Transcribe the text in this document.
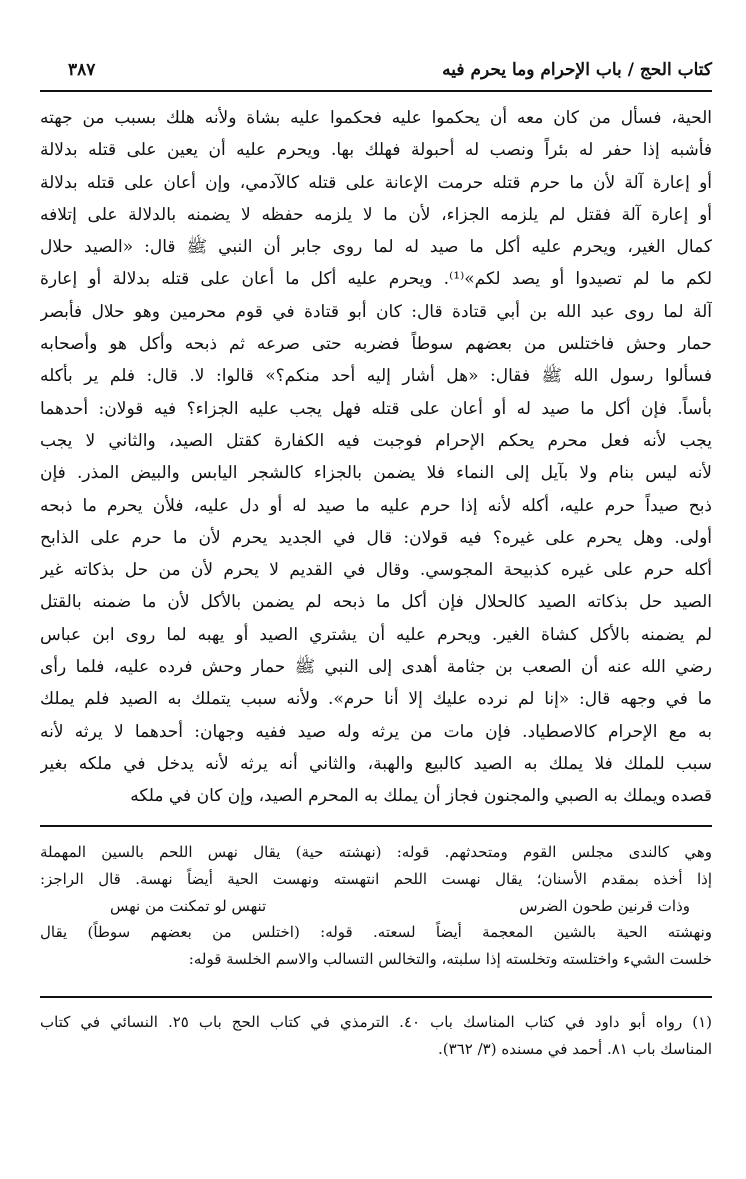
كتاب الحج / باب الإحرام وما يحرم فيه
٣٨٧
الحية، فسأل من كان معه أن يحكموا عليه فحكموا عليه بشاة ولأنه هلك بسبب من جهته
فأشبه إذا حفر له بئراً ونصب له أحبولة فهلك بها. ويحرم عليه أن يعين على قتله بدلالة
أو إعارة آلة لأن ما حرم قتله حرمت الإعانة على قتله كالآدمي، وإن أعان على قتله بدلالة
أو إعارة آلة فقتل لم يلزمه الجزاء، لأن ما لا يلزمه حفظه لا يضمنه بالدلالة على إتلافه
كمال الغير، ويحرم عليه أكل ما صيد له لما روى جابر أن النبي ﷺ قال: «الصيد حلال
لكم ما لم تصيدوا أو يصد لكم»⁽¹⁾. ويحرم عليه أكل ما أعان على قتله بدلالة أو إعارة
آلة لما روى عبد الله بن أبي قتادة قال: كان أبو قتادة في قوم محرمين وهو حلال فأبصر
حمار وحش فاختلس من بعضهم سوطاً فضربه حتى صرعه ثم ذبحه وأكل هو وأصحابه
فسألوا رسول الله ﷺ فقال: «هل أشار إليه أحد منكم؟» قالوا: لا. قال: فلم ير بأكله
بأساً. فإن أكل ما صيد له أو أعان على قتله فهل يجب عليه الجزاء؟ فيه قولان: أحدهما
يجب لأنه فعل محرم يحكم الإحرام فوجبت فيه الكفارة كقتل الصيد، والثاني لا يجب
لأنه ليس بنام ولا بآيل إلى النماء فلا يضمن بالجزاء كالشجر اليابس والبيض المذر. فإن
ذبح صيداً حرم عليه، أكله لأنه إذا حرم عليه ما صيد له أو دل عليه، فلأن يحرم ما ذبحه
أولى. وهل يحرم على غيره؟ فيه قولان: قال في الجديد يحرم لأن ما حرم على الذابح
أكله حرم على غيره كذبيحة المجوسي. وقال في القديم لا يحرم لأن من حل بذكاته غير
الصيد حل بذكاته الصيد كالحلال فإن أكل ما ذبحه لم يضمن بالأكل لأن ما ضمنه بالقتل
لم يضمنه بالأكل كشاة الغير. ويحرم عليه أن يشتري الصيد أو يهبه لما روى ابن عباس
رضي الله عنه أن الصعب بن جثامة أهدى إلى النبي ﷺ حمار وحش فرده عليه، فلما رأى
ما في وجهه قال: «إنا لم نرده عليك إلا أنا حرم». ولأنه سبب يتملك به الصيد فلم يملك
به مع الإحرام كالاصطياد. فإن مات من يرثه وله صيد ففيه وجهان: أحدهما لا يرثه لأنه
سبب للملك فلا يملك به الصيد كالبيع والهبة، والثاني أنه يرثه لأنه يدخل في ملكه بغير
قصده ويملك به الصبي والمجنون فجاز أن يملك به المحرم الصيد، وإن كان في ملكه
وهي كالندى مجلس القوم ومتحدثهم. قوله: (نهشته حية) يقال نهس اللحم بالسين المهملة
إذا أخذه بمقدم الأسنان؛ يقال نهست اللحم انتهسته ونهست الحية أيضاً نهسة. قال الراجز:
وذات قرنين طحون الضرس
تنهس لو تمكنت من نهس
ونهشته الحية بالشين المعجمة أيضاً لسعته. قوله: (اختلس من بعضهم سوطاً) يقال
خلست الشيء واختلسته وتخلسته إذا سلبته، والتخالس التسالب والاسم الخلسة قوله:
(١) رواه أبو داود في كتاب المناسك باب ٤٠. الترمذي في كتاب الحج باب ٢٥. النسائي في كتاب
المناسك باب ٨١. أحمد في مسنده (٣/ ٣٦٢).
